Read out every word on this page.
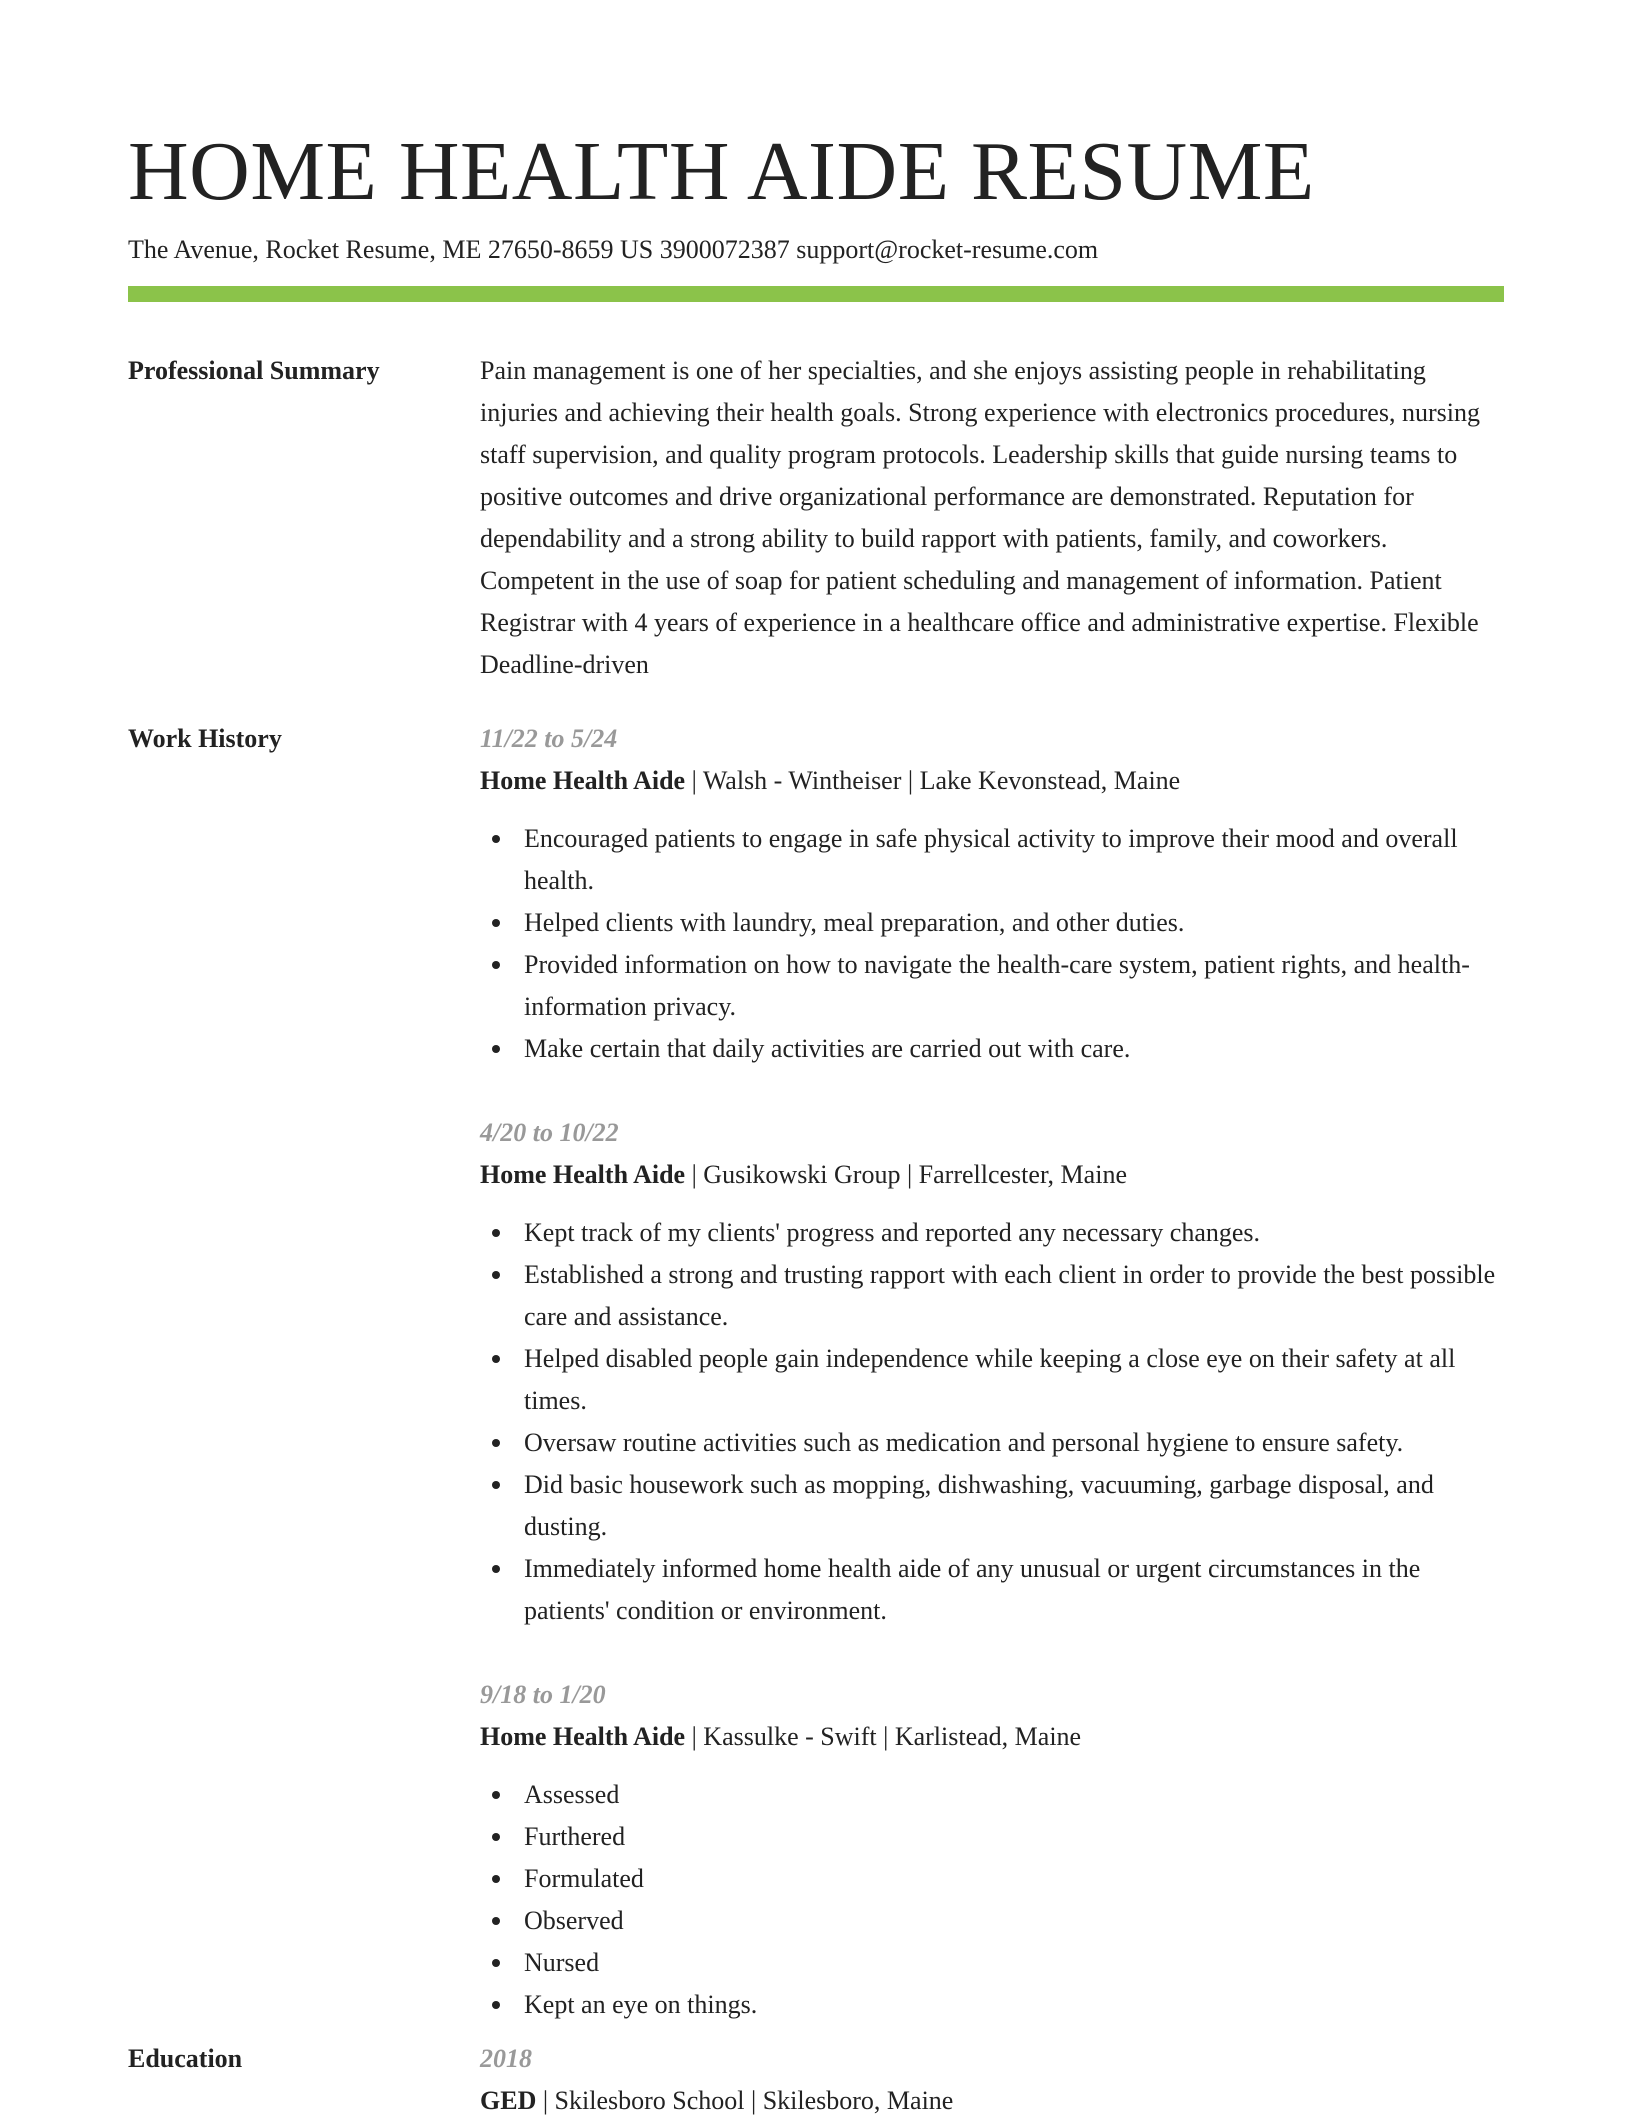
HOME HEALTH AIDE RESUME
The Avenue, Rocket Resume, ME 27650-8659 US 3900072387 support@rocket-resume.com
Professional Summary	Pain management is one of her specialties, and she enjoys assisting people in rehabilitating injuries and achieving their health goals. Strong experience with electronics procedures, nursing staff supervision, and quality program protocols. Leadership skills that guide nursing teams to positive outcomes and drive organizational performance are demonstrated. Reputation for dependability and a strong ability to build rapport with patients, family, and coworkers. Competent in the use of soap for patient scheduling and management of information. Patient Registrar with 4 years of experience in a healthcare office and administrative expertise. Flexible Deadline-driven

Work History	11/22 to 5/24
Home Health Aide | Walsh - Wintheiser | Lake Kevonstead, Maine
Encouraged patients to engage in safe physical activity to improve their mood and overall health.
Helped clients with laundry, meal preparation, and other duties.
Provided information on how to navigate the health-care system, patient rights, and health-information privacy.
Make certain that daily activities are carried out with care.
4/20 to 10/22
Home Health Aide | Gusikowski Group | Farrellcester, Maine
Kept track of my clients' progress and reported any necessary changes.
Established a strong and trusting rapport with each client in order to provide the best possible care and assistance.
Helped disabled people gain independence while keeping a close eye on their safety at all times.
Oversaw routine activities such as medication and personal hygiene to ensure safety.
Did basic housework such as mopping, dishwashing, vacuuming, garbage disposal, and dusting.
Immediately informed home health aide of any unusual or urgent circumstances in the patients' condition or environment.
9/18 to 1/20
Home Health Aide | Kassulke - Swift | Karlistead, Maine
Assessed
Furthered
Formulated
Observed
Nursed
Kept an eye on things.
Education	2018
GED | Skilesboro School | Skilesboro, Maine
